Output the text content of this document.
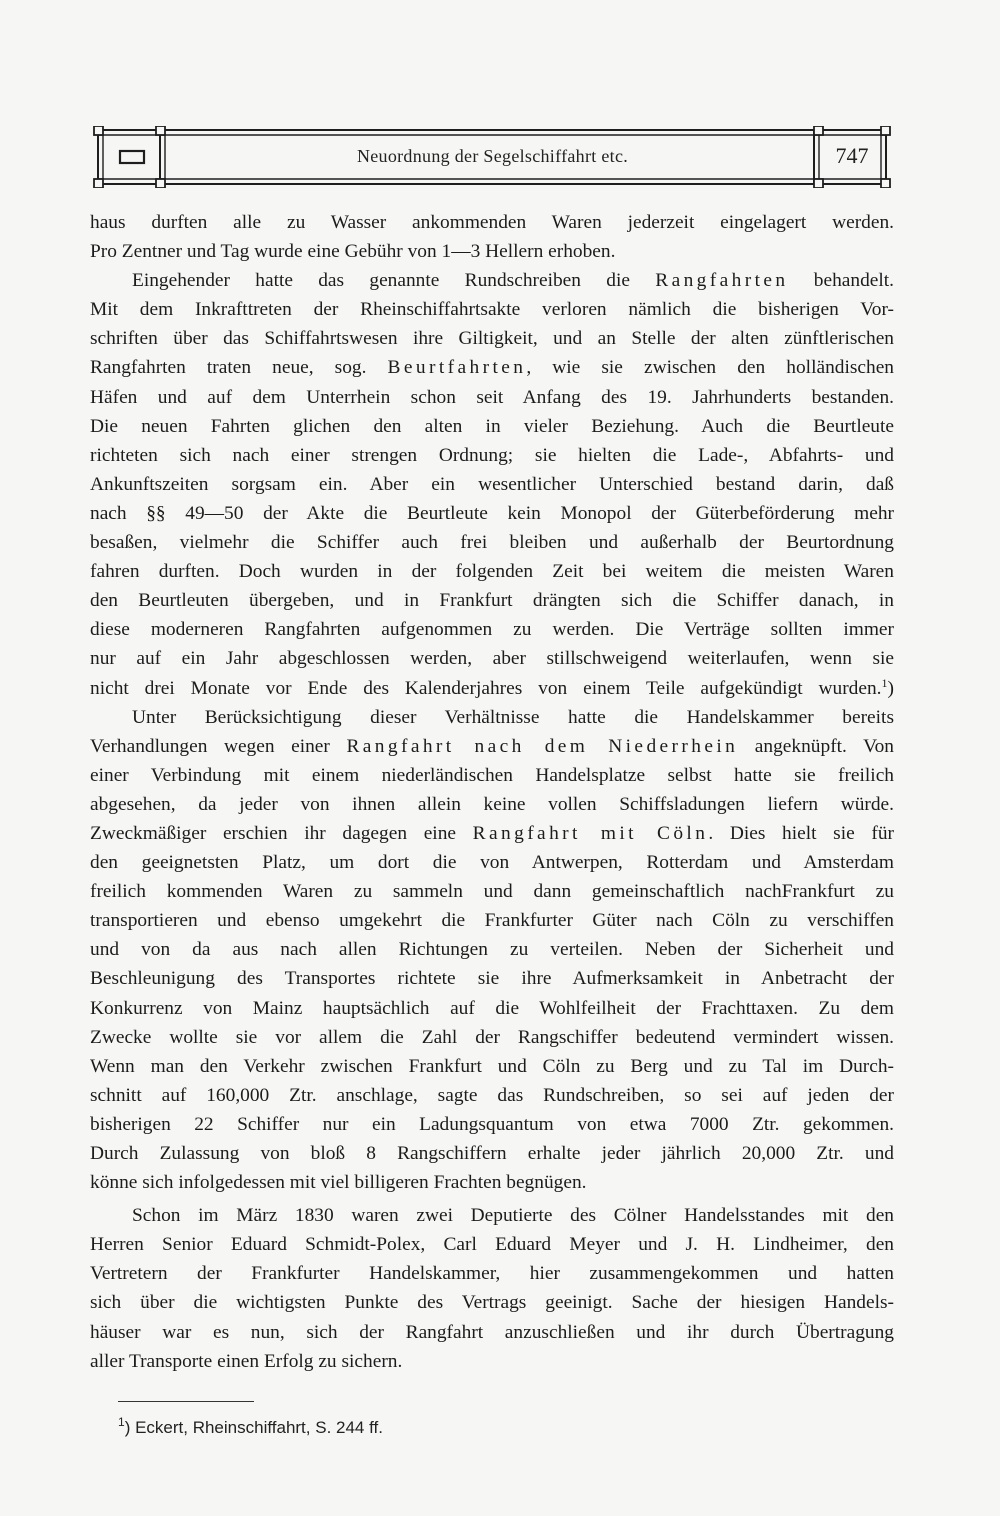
Neuordnung der Segelschiffahrt etc.	747
haus durften alle zu Wasser ankommenden Waren jederzeit eingelagert werden.
Pro Zentner und Tag wurde eine Gebühr von 1—3 Hellern erhoben.
Eingehender hatte das genannte Rundschreiben die Rangfahrten behandelt.
Mit dem Inkrafttreten der Rheinschiffahrtsakte verloren nämlich die bisherigen Vor-
schriften über das Schiffahrtswesen ihre Giltigkeit, und an Stelle der alten zünftlerischen
Rangfahrten traten neue, sog. Beurtfahrten, wie sie zwischen den holländischen
Häfen und auf dem Unterrhein schon seit Anfang des 19. Jahrhunderts bestanden.
Die neuen Fahrten glichen den alten in vieler Beziehung. Auch die Beurtleute
richteten sich nach einer strengen Ordnung; sie hielten die Lade-, Abfahrts- und
Ankunftszeiten sorgsam ein. Aber ein wesentlicher Unterschied bestand darin, daß
nach §§ 49—50 der Akte die Beurtleute kein Monopol der Güterbeförderung mehr
besaßen, vielmehr die Schiffer auch frei bleiben und außerhalb der Beurtordnung
fahren durften. Doch wurden in der folgenden Zeit bei weitem die meisten Waren
den Beurtleuten übergeben, und in Frankfurt drängten sich die Schiffer danach, in
diese moderneren Rangfahrten aufgenommen zu werden. Die Verträge sollten immer
nur auf ein Jahr abgeschlossen werden, aber stillschweigend weiterlaufen, wenn sie
nicht drei Monate vor Ende des Kalenderjahres von einem Teile aufgekündigt wurden.$^1$)
Unter Berücksichtigung dieser Verhältnisse hatte die Handelskammer bereits
Verhandlungen wegen einer Rangfahrt nach dem Niederrhein angeknüpft. Von
einer Verbindung mit einem niederländischen Handelsplatze selbst hatte sie freilich
abgesehen, da jeder von ihnen allein keine vollen Schiffsladungen liefern würde.
Zweckmäßiger erschien ihr dagegen eine Rangfahrt mit Cöln. Dies hielt sie für
den geeignetsten Platz, um dort die von Antwerpen, Rotterdam und Amsterdam
freilich kommenden Waren zu sammeln und dann gemeinschaftlich nachFrankfurt zu
transportieren und ebenso umgekehrt die Frankfurter Güter nach Cöln zu verschiffen
und von da aus nach allen Richtungen zu verteilen. Neben der Sicherheit und
Beschleunigung des Transportes richtete sie ihre Aufmerksamkeit in Anbetracht der
Konkurrenz von Mainz hauptsächlich auf die Wohlfeilheit der Frachttaxen. Zu dem
Zwecke wollte sie vor allem die Zahl der Rangschiffer bedeutend vermindert wissen.
Wenn man den Verkehr zwischen Frankfurt und Cöln zu Berg und zu Tal im Durch-
schnitt auf 160,000 Ztr. anschlage, sagte das Rundschreiben, so sei auf jeden der
bisherigen 22 Schiffer nur ein Ladungsquantum von etwa 7000 Ztr. gekommen.
Durch Zulassung von bloß 8 Rangschiffern erhalte jeder jährlich 20,000 Ztr. und
könne sich infolgedessen mit viel billigeren Frachten begnügen.
Schon im März 1830 waren zwei Deputierte des Cölner Handelsstandes mit den
Herren Senior Eduard Schmidt-Polex, Carl Eduard Meyer und J. H. Lindheimer, den
Vertretern der Frankfurter Handelskammer, hier zusammengekommen und hatten
sich über die wichtigsten Punkte des Vertrags geeinigt. Sache der hiesigen Handels-
häuser war es nun, sich der Rangfahrt anzuschließen und ihr durch Übertragung
aller Transporte einen Erfolg zu sichern.
$^1$) Eckert, Rheinschiffahrt, S. 244 ff.
